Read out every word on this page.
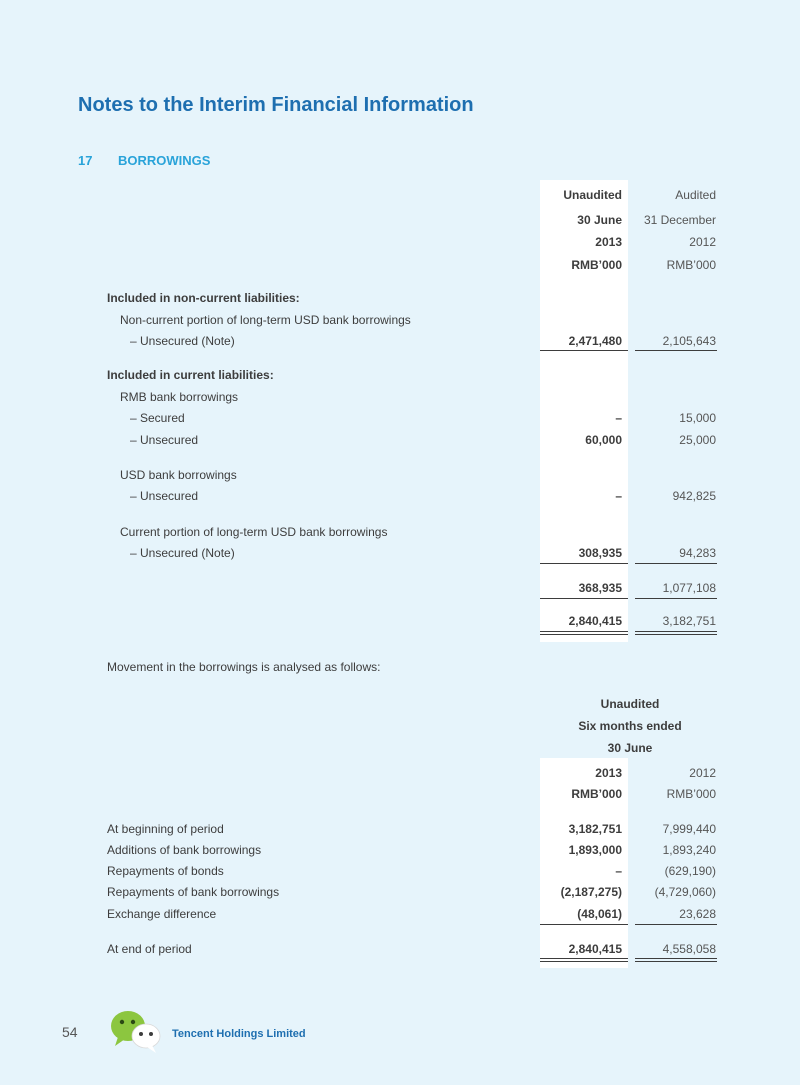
Notes to the Interim Financial Information
17 BORROWINGS
Unaudited	Audited
30 June 31 December
2013	2012
RMB’000	RMB’000
Included in non-current liabilities:
Non-current portion of long-term USD bank borrowings
– Unsecured (Note)	2,471,480	2,105,643
Included in current liabilities:
RMB bank borrowings
– Secured	–	15,000
– Unsecured	60,000	25,000
USD bank borrowings
– Unsecured	–	942,825
Current portion of long-term USD bank borrowings
– Unsecured (Note)	308,935	94,283
368,935	1,077,108
2,840,415	3,182,751
Movement in the borrowings is analysed as follows:
Unaudited
Six months ended
30 June
2013	2012
RMB’000	RMB’000
At beginning of period	3,182,751	7,999,440
Additions of bank borrowings	1,893,000	1,893,240
Repayments of bonds	–	(629,190)
Repayments of bank borrowings	(2,187,275)	(4,729,060)
Exchange difference	(48,061)	23,628
At end of period	2,840,415	4,558,058
54	Tencent Holdings Limited
